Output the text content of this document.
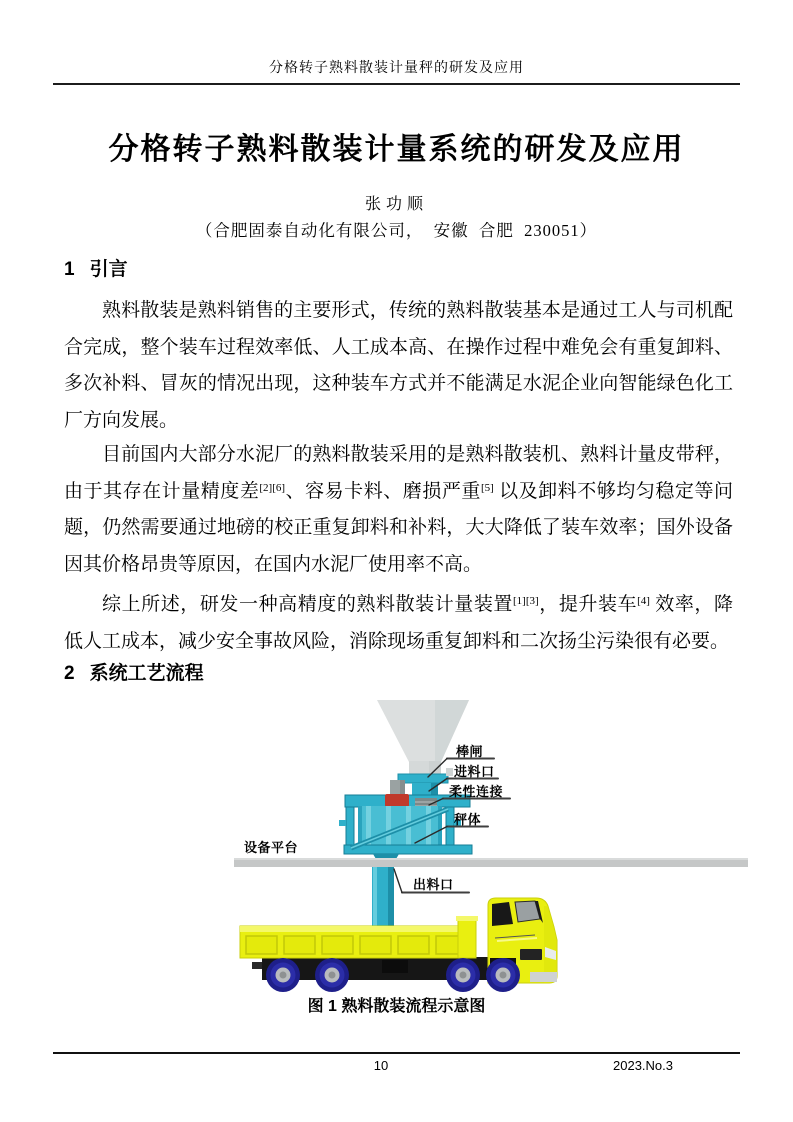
分格转子熟料散装计量秤的研发及应用
分格转子熟料散装计量系统的研发及应用
张功顺
（合肥固泰自动化有限公司，  安徽  合肥  230051）
1 引言
熟料散装是熟料销售的主要形式，传统的熟料散装基本是通过工人与司机配
合完成，整个装车过程效率低、人工成本高、在操作过程中难免会有重复卸料、
多次补料、冒灰的情况出现，这种装车方式并不能满足水泥企业向智能绿色化工
厂方向发展。
目前国内大部分水泥厂的熟料散装采用的是熟料散装机、熟料计量皮带秤，
由于其存在计量精度差[2][6]、容易卡料、磨损严重[5] 以及卸料不够均匀稳定等问
题，仍然需要通过地磅的校正重复卸料和补料，大大降低了装车效率；国外设备
因其价格昂贵等原因，在国内水泥厂使用率不高。
综上所述，研发一种高精度的熟料散装计量装置[1][3]，提升装车[4] 效率，降
低人工成本，减少安全事故风险，消除现场重复卸料和二次扬尘污染很有必要。
2 系统工艺流程
棒闸
进料口
柔性连接
秤体
设备平台
出料口
图 1 熟料散装流程示意图
10	2023.No.3
